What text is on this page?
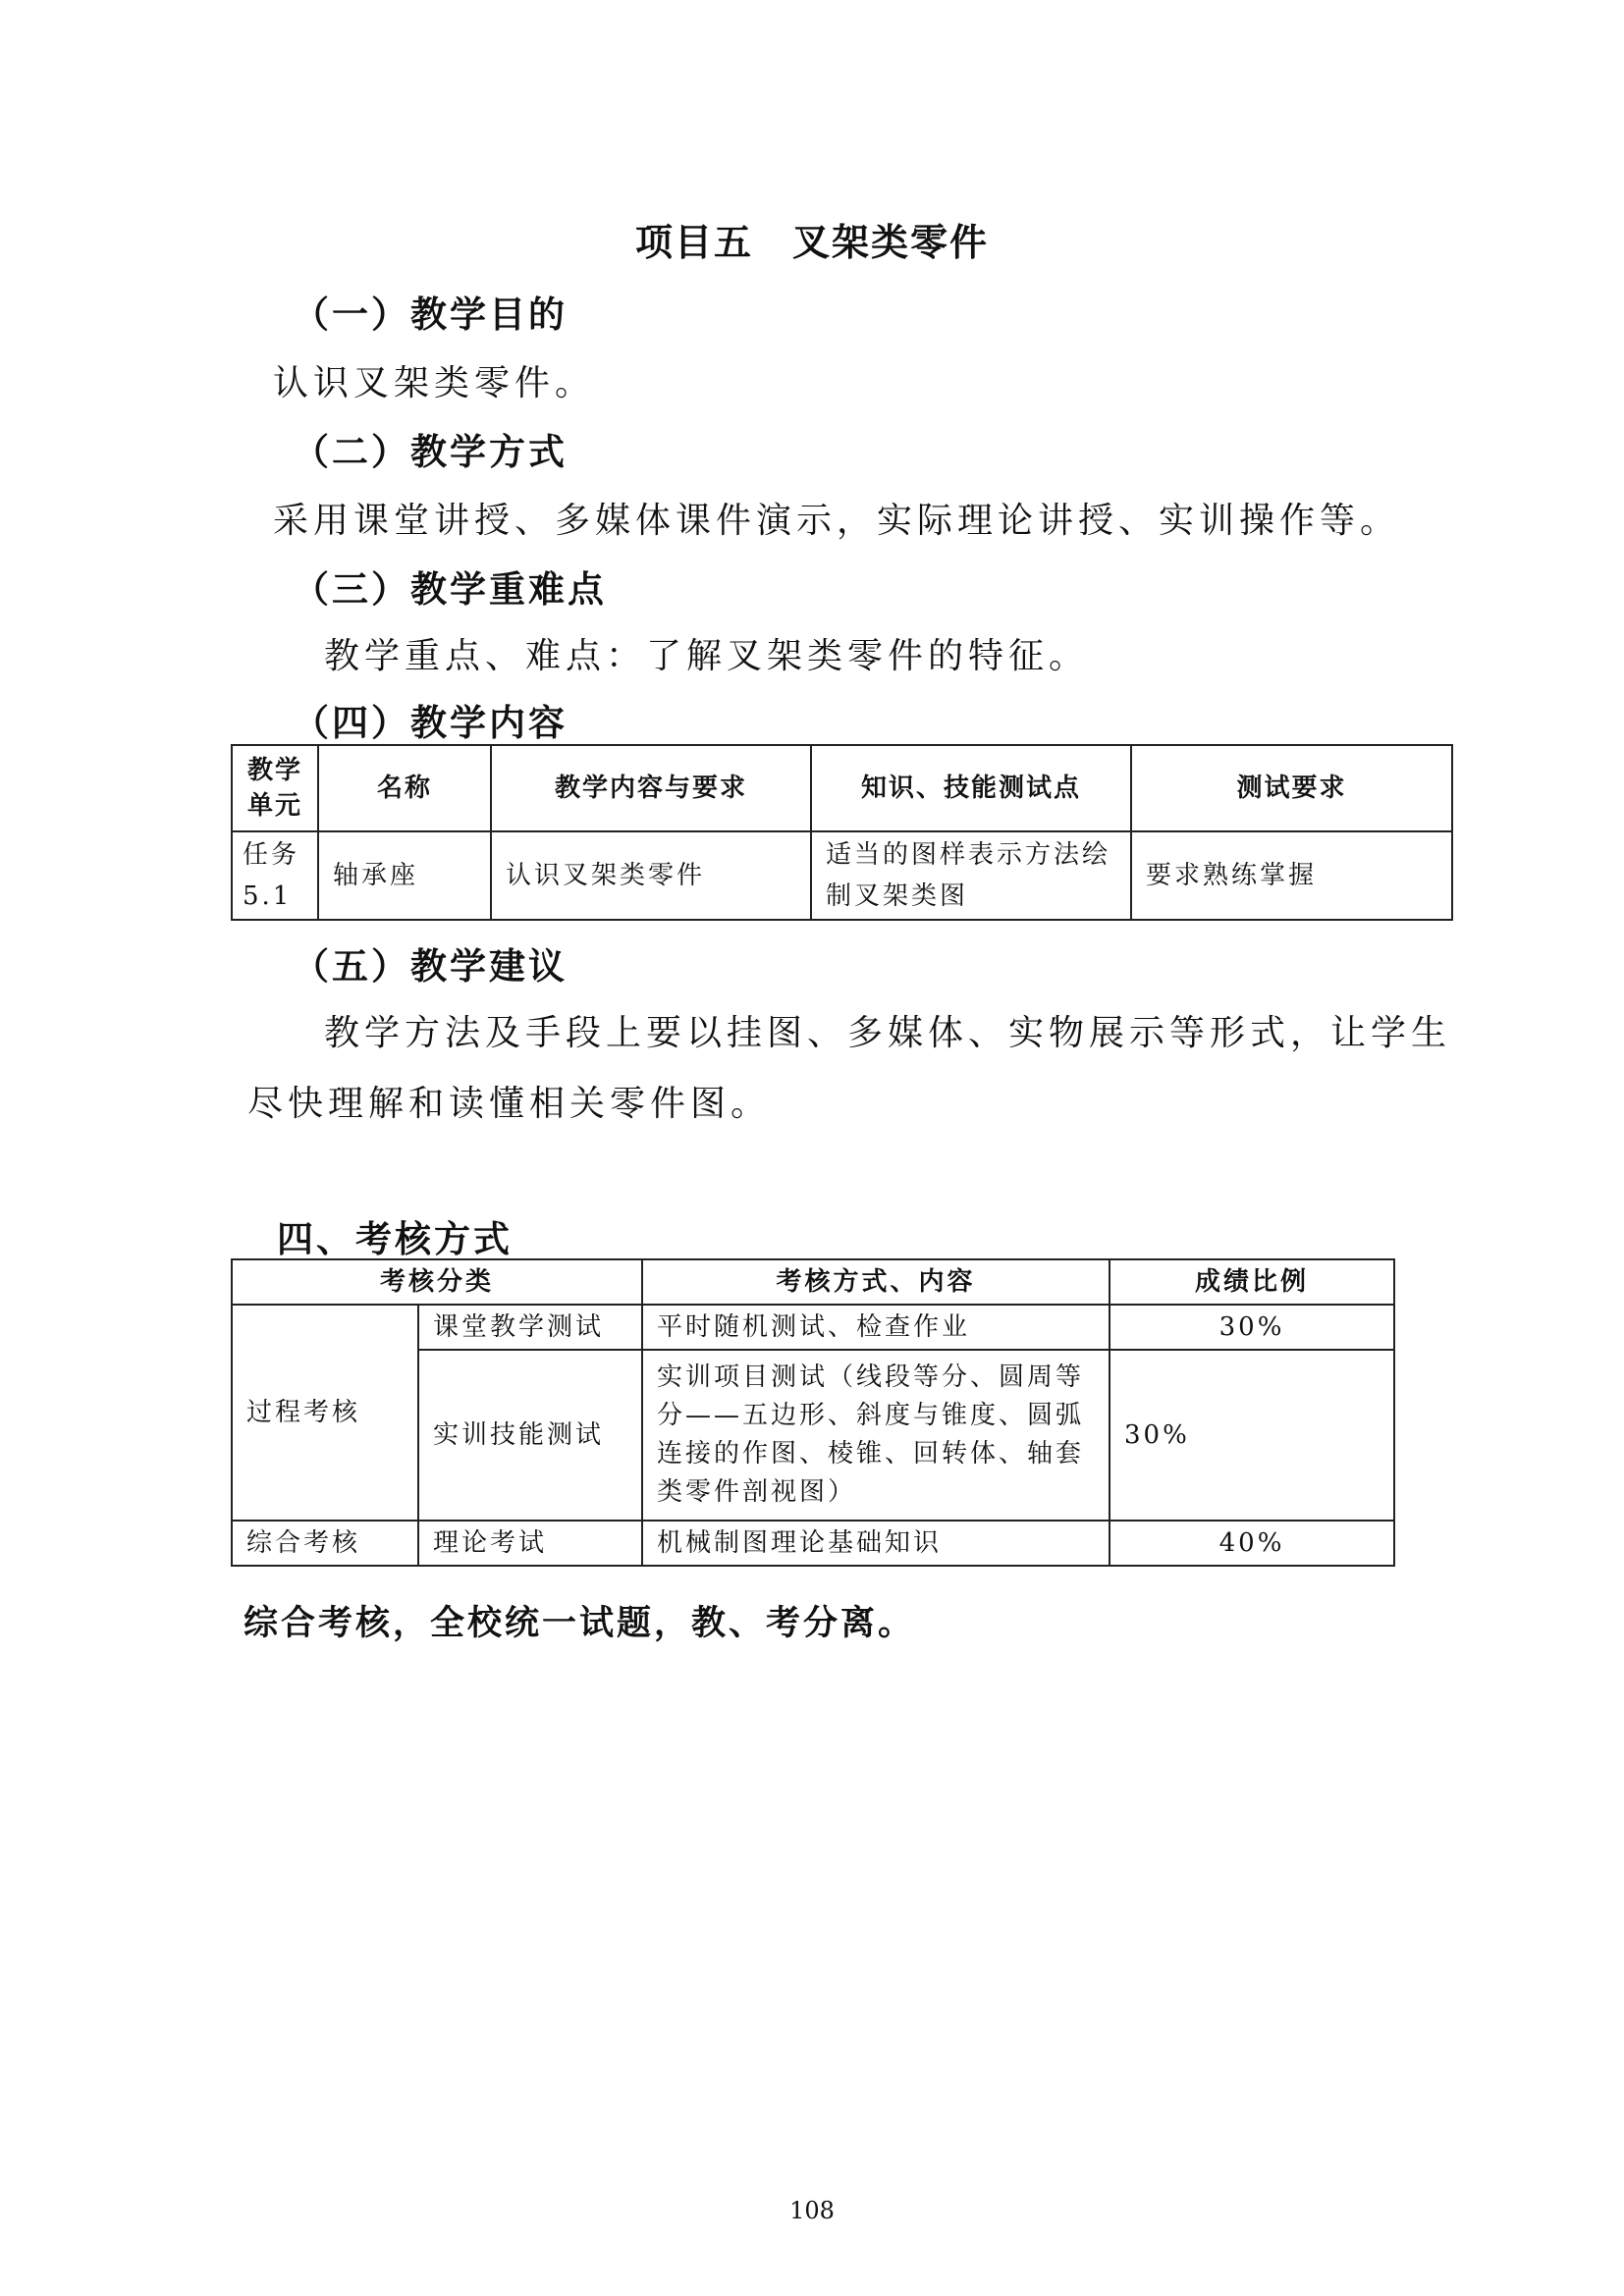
项目五　叉架类零件
（一）教学目的
认识叉架类零件。
（二）教学方式
采用课堂讲授、多媒体课件演示，实际理论讲授、实训操作等。
（三）教学重难点
教学重点、难点：了解叉架类零件的特征。
（四）教学内容
教学单元	名称	教学内容与要求	知识、技能测试点	测试要求
任务5.1	轴承座	认识叉架类零件	适当的图样表示方法绘制叉架类图	要求熟练掌握
（五）教学建议
教学方法及手段上要以挂图、多媒体、实物展示等形式，让学生
尽快理解和读懂相关零件图。
四、考核方式
考核分类		考核方式、内容	成绩比例
过程考核	课堂教学测试	平时随机测试、检查作业	30%
	实训技能测试	实训项目测试（线段等分、圆周等分——五边形、斜度与锥度、圆弧连接的作图、棱锥、回转体、轴套类零件剖视图）	30%
综合考核	理论考试	机械制图理论基础知识	40%
综合考核，全校统一试题，教、考分离。
108
